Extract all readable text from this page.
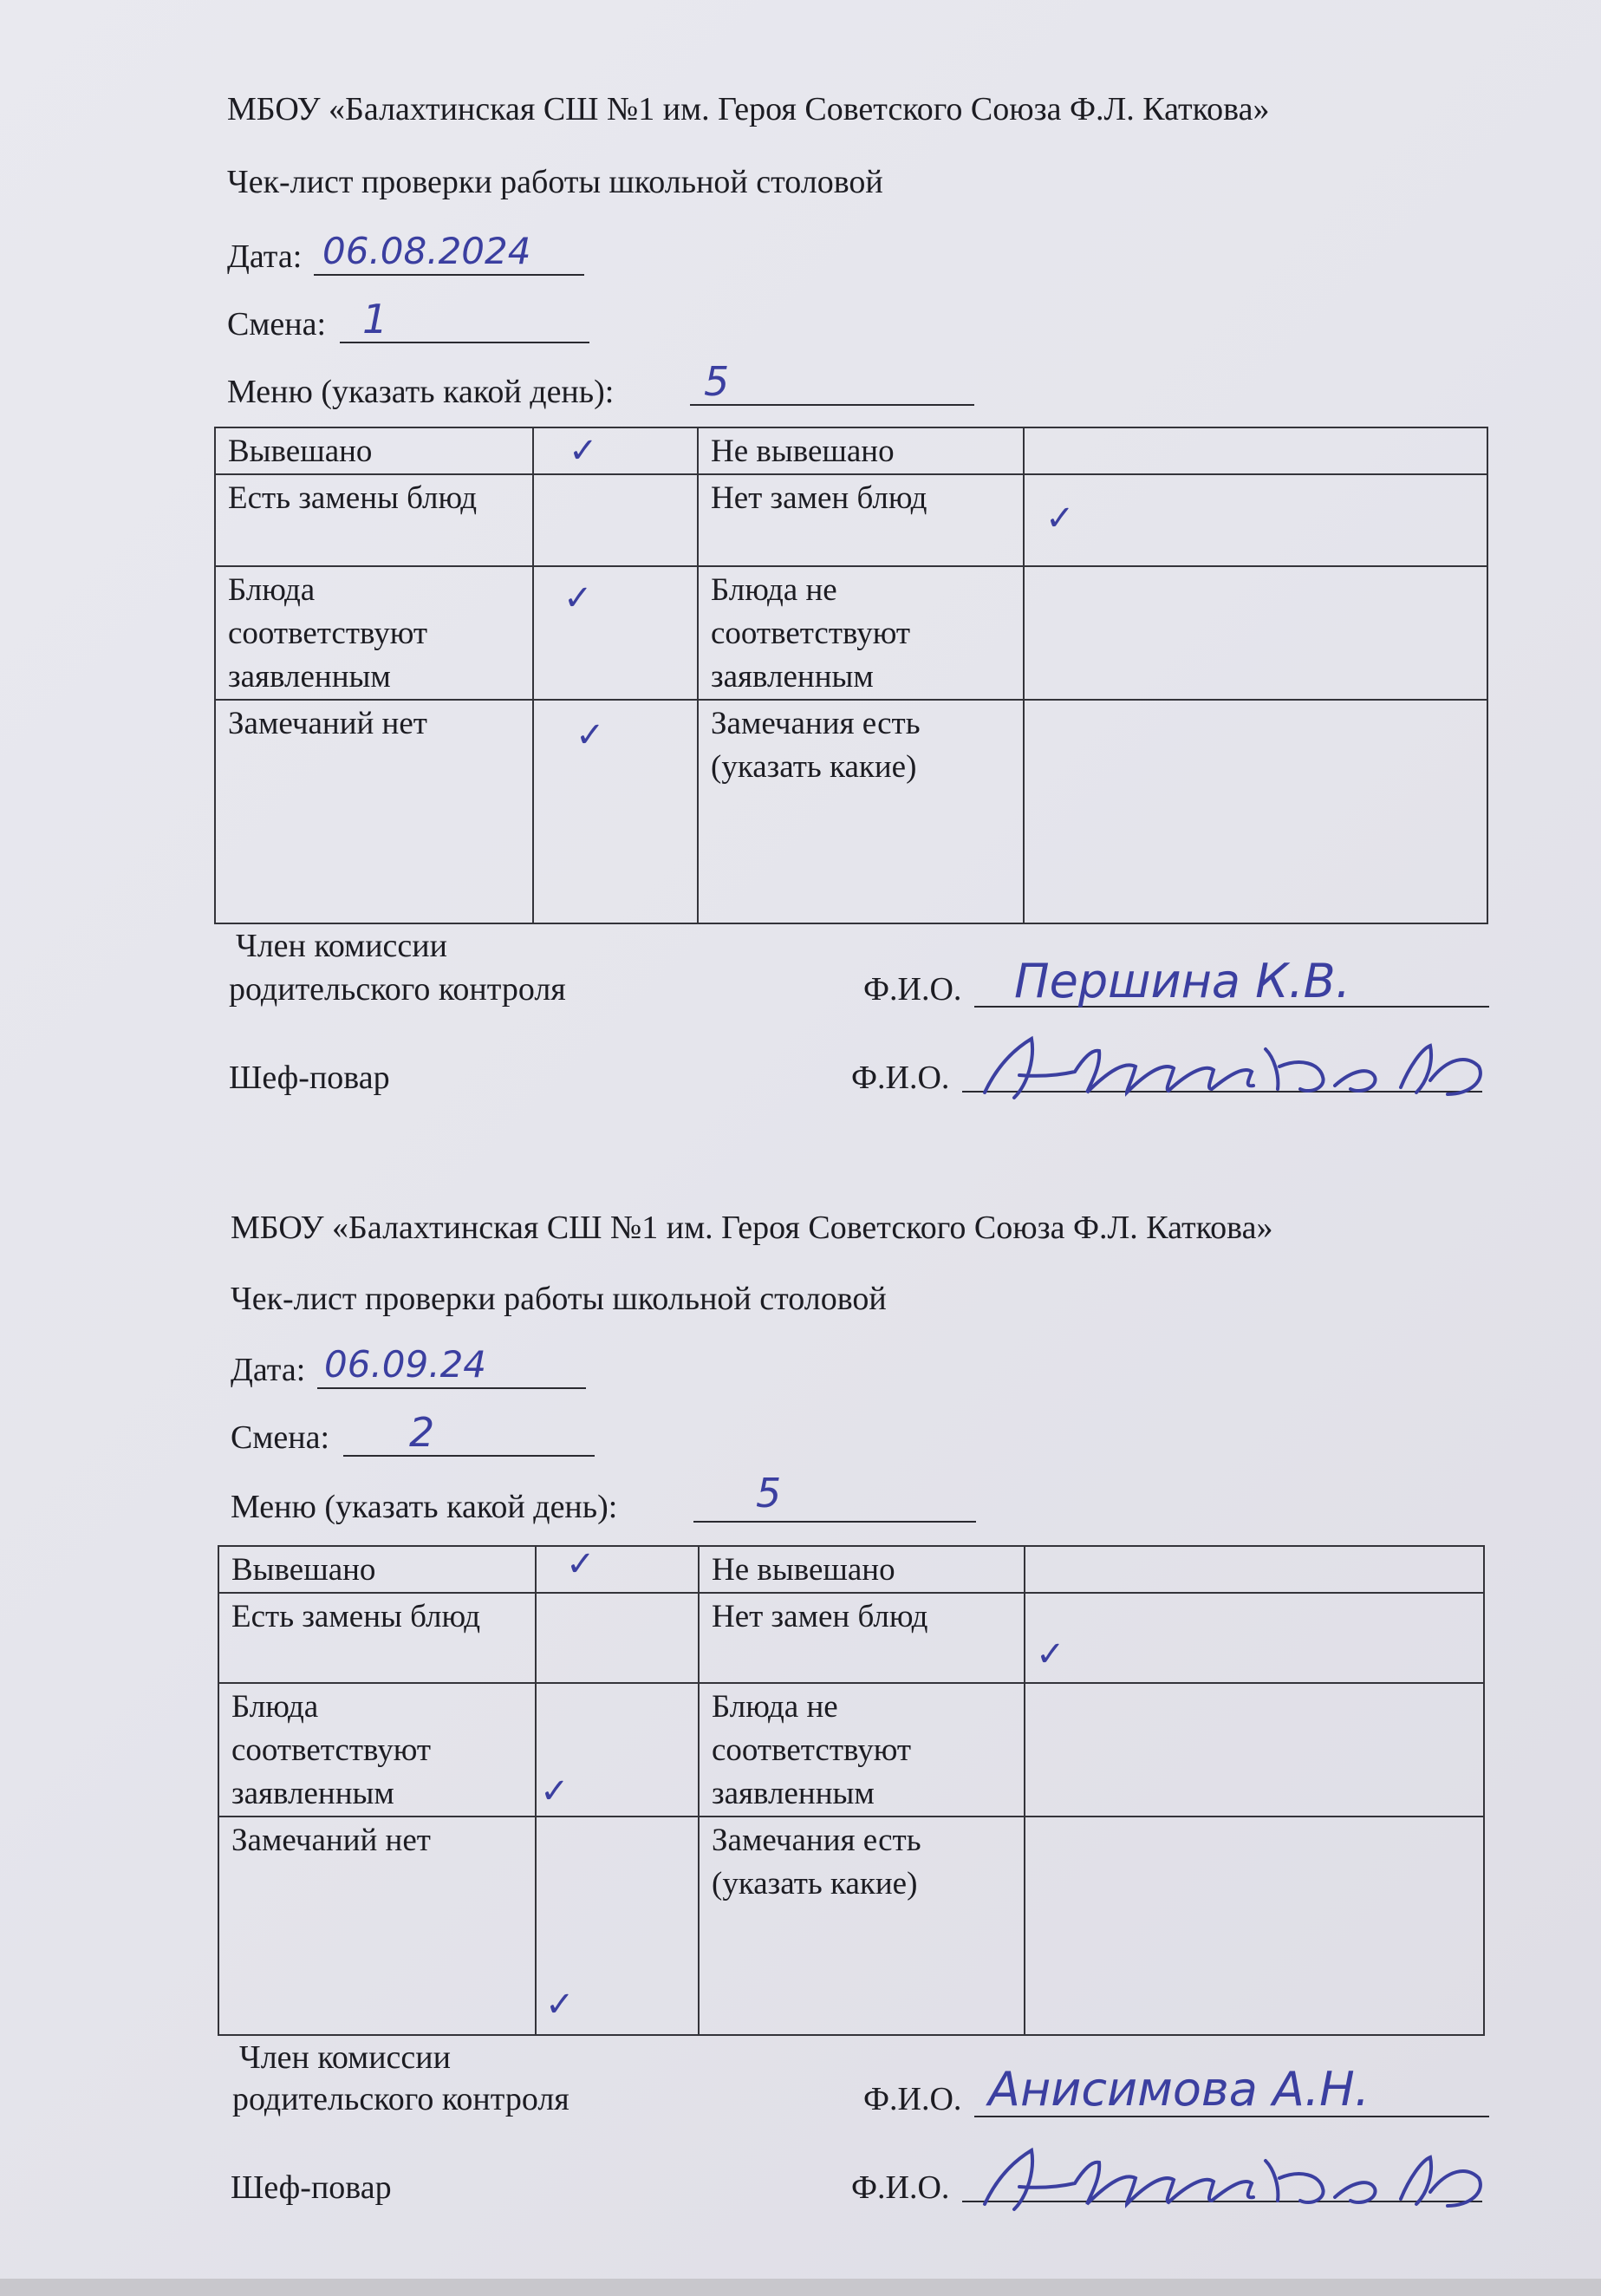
МБОУ «Балахтинская СШ №1 им. Героя Советского Союза Ф.Л. Каткова»
Чек-лист проверки работы школьной столовой
Дата: 06.08.2024
Смена: 1
Меню (указать какой день): 5
Вывешано	✓	Не вывешано	

Есть замены блюд		Нет замен блюд	✓

Блюда соответствуют заявленным	✓	Блюда не соответствуют заявленным	

Замечаний нет	✓	Замечания есть (указать какие)	
Член комиссии
родительского контроля	Ф.И.О. Першина К.В.
Шеф-повар	Ф.И.О.
МБОУ «Балахтинская СШ №1 им. Героя Советского Союза Ф.Л. Каткова»
Чек-лист проверки работы школьной столовой
Дата: 06.09.24
Смена: 2
Меню (указать какой день):	5
Вывешано	✓	Не вывешано	

Есть замены блюд		Нет замен блюд	✓

Блюда соответствуют заявленным	✓	Блюда не соответствуют заявленным	

Замечаний нет	✓	Замечания есть (указать какие)	
Член комиссии
родительского контроля	Ф.И.О. Анисимова А.Н.
Шеф-повар	Ф.И.О.
